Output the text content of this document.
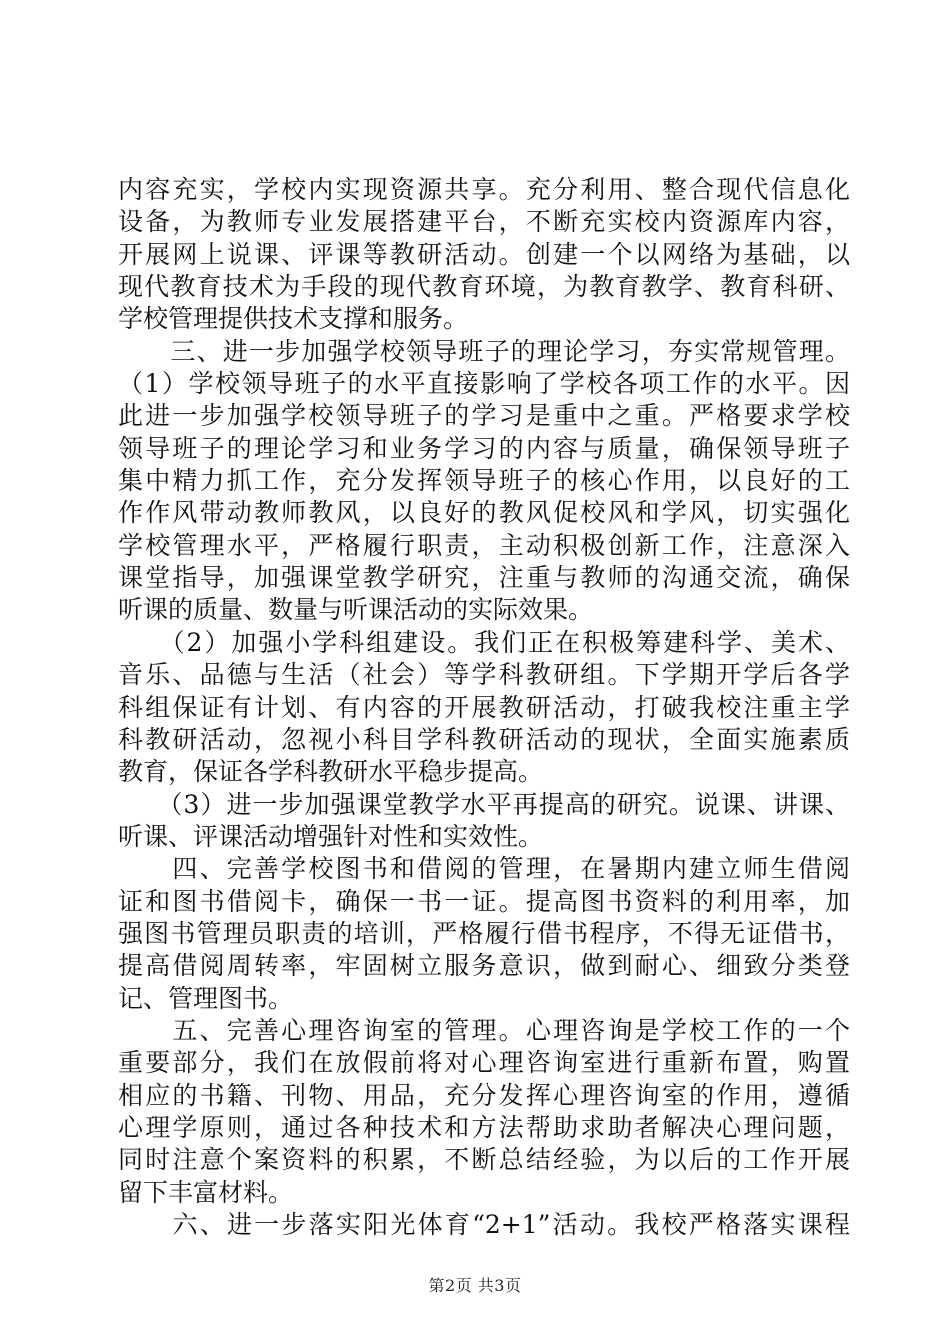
内容充实，学校内实现资源共享。充分利用、整合现代信息化
设备，为教师专业发展搭建平台，不断充实校内资源库内容，
开展网上说课、评课等教研活动。创建一个以网络为基础，以
现代教育技术为手段的现代教育环境，为教育教学、教育科研、
学校管理提供技术支撑和服务。
　　三、进一步加强学校领导班子的理论学习，夯实常规管理。
（1）学校领导班子的水平直接影响了学校各项工作的水平。因
此进一步加强学校领导班子的学习是重中之重。严格要求学校
领导班子的理论学习和业务学习的内容与质量，确保领导班子
集中精力抓工作，充分发挥领导班子的核心作用，以良好的工
作作风带动教师教风，以良好的教风促校风和学风，切实强化
学校管理水平，严格履行职责，主动积极创新工作，注意深入
课堂指导，加强课堂教学研究，注重与教师的沟通交流，确保
听课的质量、数量与听课活动的实际效果。
　　（2）加强小学科组建设。我们正在积极筹建科学、美术、
音乐、品德与生活（社会）等学科教研组。下学期开学后各学
科组保证有计划、有内容的开展教研活动，打破我校注重主学
科教研活动，忽视小科目学科教研活动的现状，全面实施素质
教育，保证各学科教研水平稳步提高。
　　（3）进一步加强课堂教学水平再提高的研究。说课、讲课、
听课、评课活动增强针对性和实效性。
　　四、完善学校图书和借阅的管理，在暑期内建立师生借阅
证和图书借阅卡，确保一书一证。提高图书资料的利用率，加
强图书管理员职责的培训，严格履行借书程序，不得无证借书，
提高借阅周转率，牢固树立服务意识，做到耐心、细致分类登
记、管理图书。
　　五、完善心理咨询室的管理。心理咨询是学校工作的一个
重要部分，我们在放假前将对心理咨询室进行重新布置，购置
相应的书籍、刊物、用品，充分发挥心理咨询室的作用，遵循
心理学原则，通过各种技术和方法帮助求助者解决心理问题，
同时注意个案资料的积累，不断总结经验，为以后的工作开展
留下丰富材料。
　　六、进一步落实阳光体育“2+1”活动。我校严格落实课程
第2页 共3页
